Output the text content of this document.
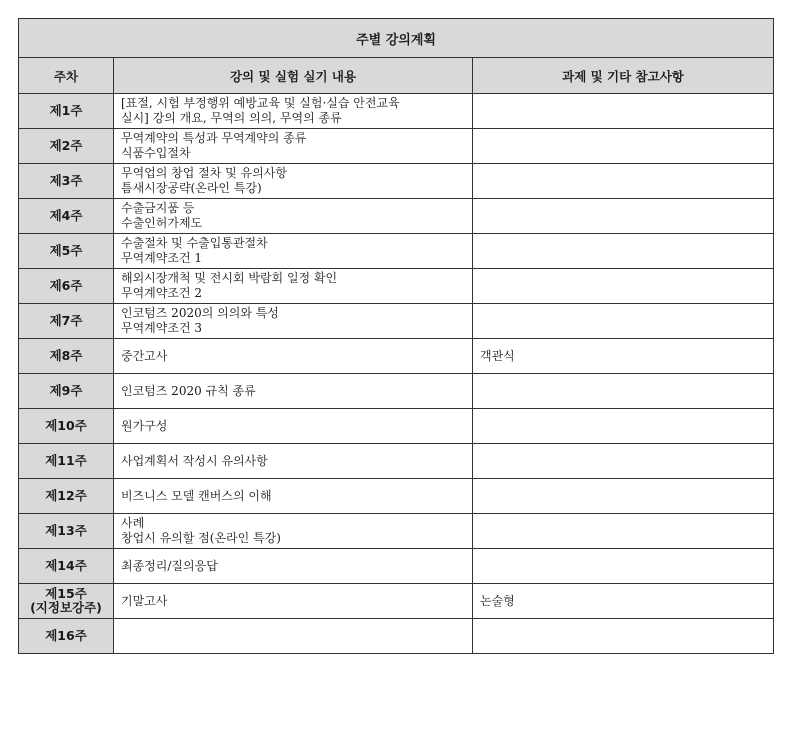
주별 강의계획		
주차	강의 및 실험 실기 내용	과제 및 기타 참고사항
제1주	[표절, 시험 부정행위 예방교육 및 실험·실습 안전교육
실시] 강의 개요, 무역의 의의, 무역의 종류	

제2주	무역계약의 특성과 무역계약의 종류
식품수입절차	

제3주	무역업의 창업 절차 및 유의사항
틈새시장공략(온라인 특강)	

제4주	수출금지품 등
수출인허가제도	

제5주	수출절차 및 수출입통관절차
무역계약조건 1	

제6주	해외시장개척 및 전시회 박람회 일정 확인
무역계약조건 2	

제7주	인코텀즈 2020의 의의와 특성
무역계약조건 3	

제8주	중간고사	객관식
제9주	인코텀즈 2020 규칙 종류	

제10주	원가구성	

제11주	사업계획서 작성시 유의사항	

제12주	비즈니스 모델 캔버스의 이해	

제13주	사례
창업시 유의할 점(온라인 특강)	

제14주	최종정리/질의응답	

제15주
(지정보강주)	기말고사	논술형
제16주		
